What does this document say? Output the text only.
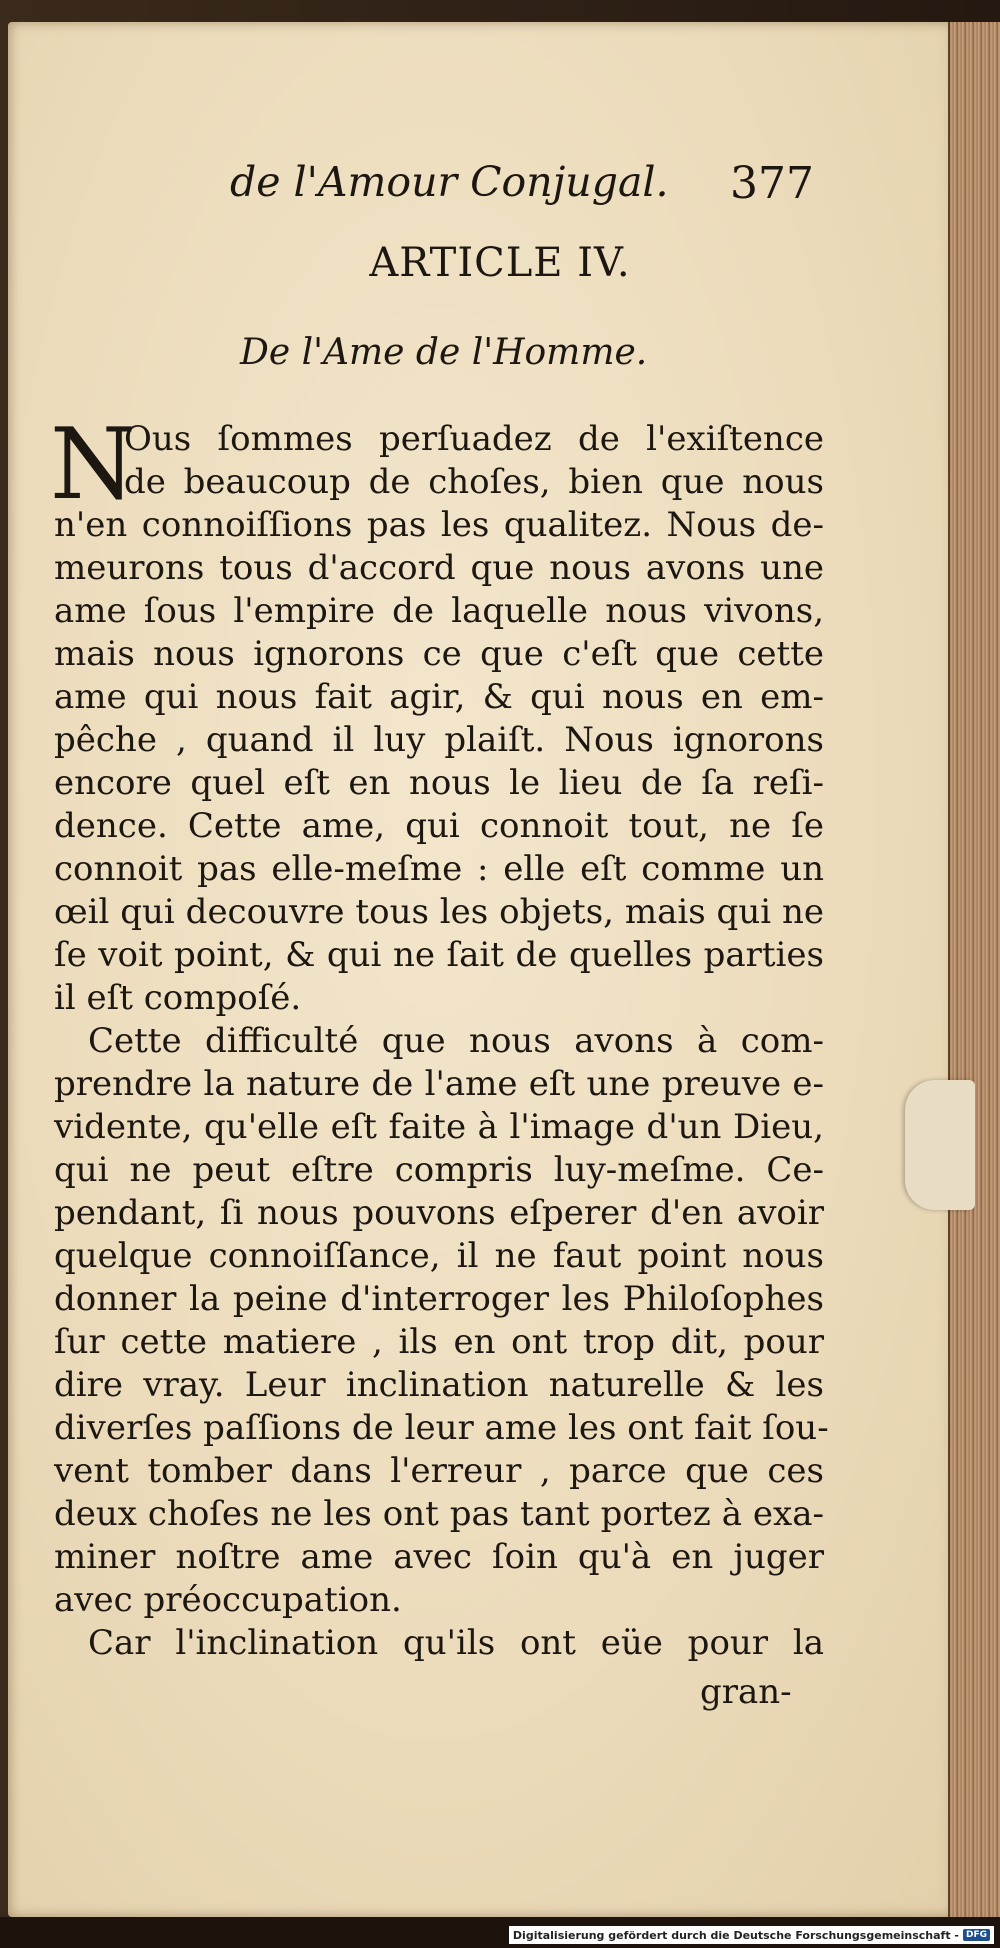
de l'Amour Conjugal. 377
ARTICLE IV.
De l'Ame de l'Homme.
N
Ous ſommes perſuadez de l'exiſtence
de beaucoup de choſes, bien que nous
n'en connoiſſions pas les qualitez. Nous de-
meurons tous d'accord que nous avons une
ame ſous l'empire de laquelle nous vivons,
mais nous ignorons ce que c'eſt que cette
ame qui nous fait agir, & qui nous en em-
pêche , quand il luy plaiſt. Nous ignorons
encore quel eſt en nous le lieu de ſa reſi-
dence. Cette ame, qui connoit tout, ne ſe
connoit pas elle-meſme : elle eſt comme un
œil qui decouvre tous les objets, mais qui ne
ſe voit point, & qui ne ſait de quelles parties
il eſt compoſé.
Cette difficulté que nous avons à com-
prendre la nature de l'ame eſt une preuve e-
vidente, qu'elle eſt faite à l'image d'un Dieu,
qui ne peut eſtre compris luy-meſme. Ce-
pendant, ſi nous pouvons eſperer d'en avoir
quelque connoiſſance, il ne faut point nous
donner la peine d'interroger les Philoſophes
ſur cette matiere , ils en ont trop dit, pour
dire vray. Leur inclination naturelle & les
diverſes paſſions de leur ame les ont fait ſou-
vent tomber dans l'erreur , parce que ces
deux choſes ne les ont pas tant portez à exa-
miner noſtre ame avec ſoin qu'à en juger
avec préoccupation.
Car l'inclination qu'ils ont eüe pour la
gran-
Digitalisierung gefördert durch die Deutsche Forschungsgemeinschaft - DFG
